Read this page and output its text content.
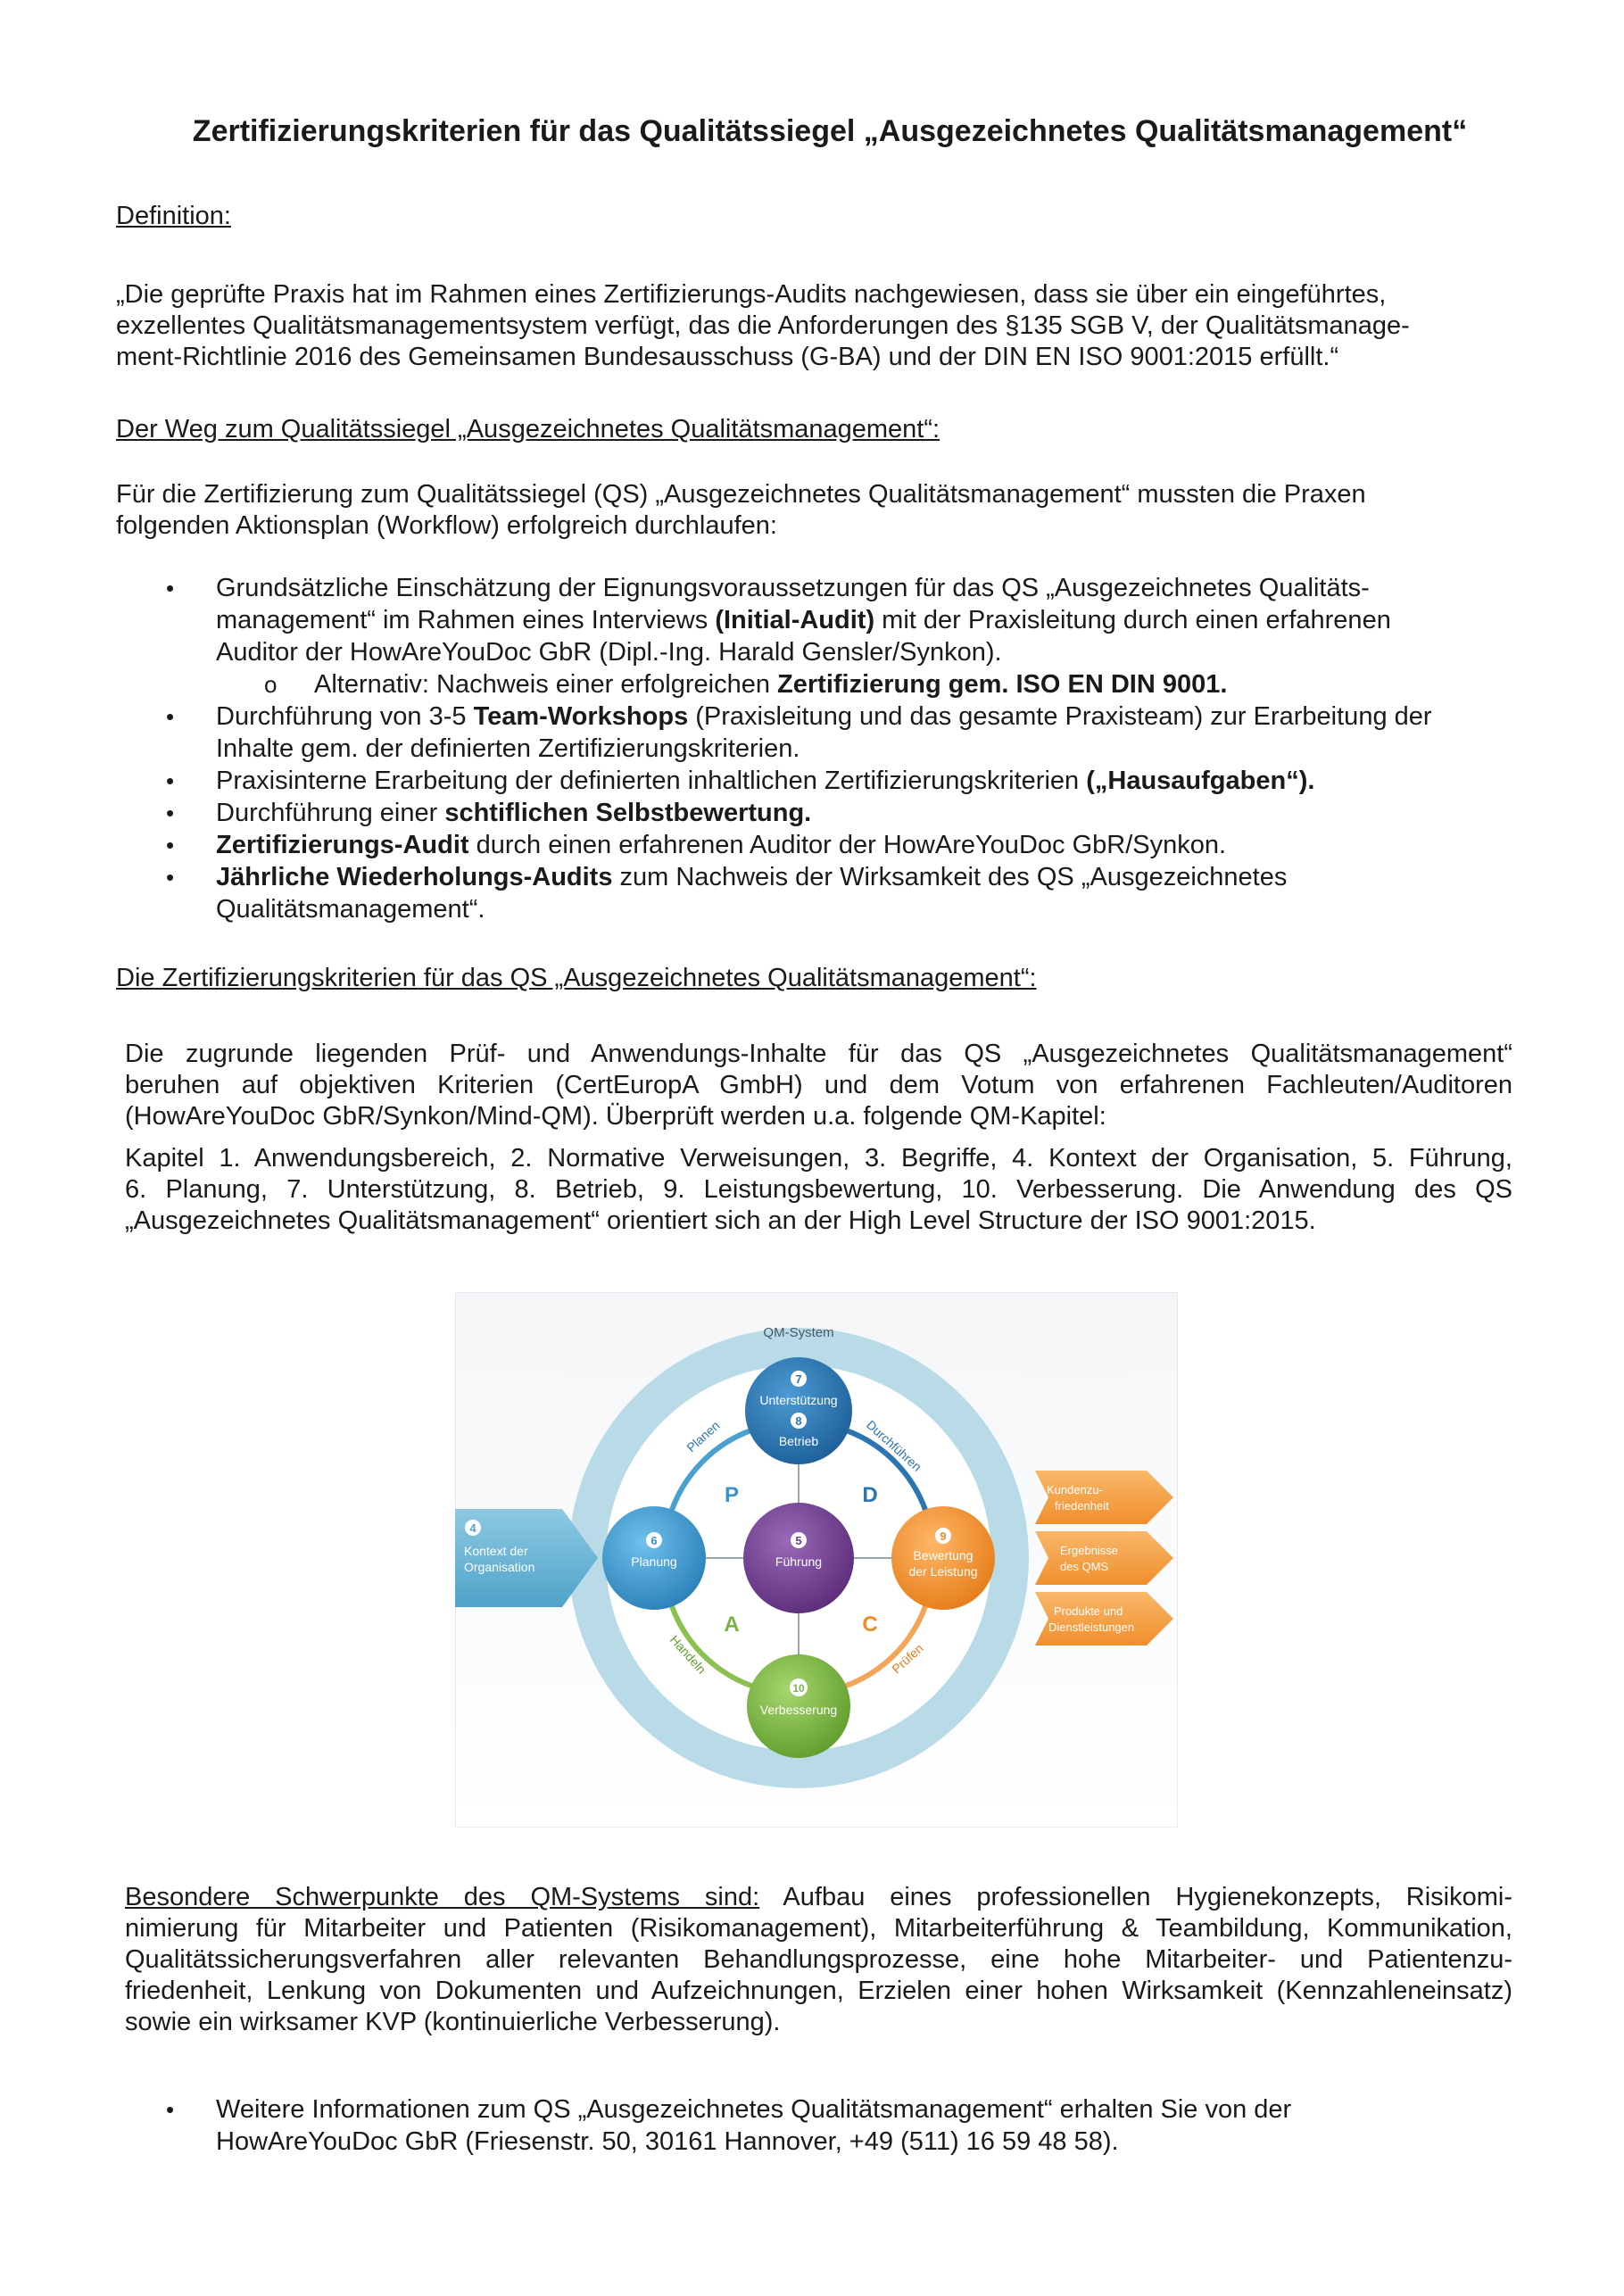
Zertifizierungskriterien für das Qualitätssiegel „Ausgezeichnetes Qualitätsmanagement“
Definition:
„Die geprüfte Praxis hat im Rahmen eines Zertifizierungs-Audits nachgewiesen, dass sie über ein eingeführtes,
exzellentes Qualitätsmanagementsystem verfügt, das die Anforderungen des §135 SGB V, der Qualitätsmanage-
ment-Richtlinie 2016 des Gemeinsamen Bundesausschuss (G-BA) und der DIN EN ISO 9001:2015 erfüllt.“
Der Weg zum Qualitätssiegel „Ausgezeichnetes Qualitätsmanagement“:
Für die Zertifizierung zum Qualitätssiegel (QS) „Ausgezeichnetes Qualitätsmanagement“ mussten die Praxen
folgenden Aktionsplan (Workflow) erfolgreich durchlaufen:
• Grundsätzliche Einschätzung der Eignungsvoraussetzungen für das QS „Ausgezeichnetes Qualitäts-
management“ im Rahmen eines Interviews (Initial-Audit) mit der Praxisleitung durch einen erfahrenen
Auditor der HowAreYouDoc GbR (Dipl.-Ing. Harald Gensler/Synkon).
o Alternativ: Nachweis einer erfolgreichen Zertifizierung gem. ISO EN DIN 9001.
• Durchführung von 3-5 Team-Workshops (Praxisleitung und das gesamte Praxisteam) zur Erarbeitung der
Inhalte gem. der definierten Zertifizierungskriterien.
• Praxisinterne Erarbeitung der definierten inhaltlichen Zertifizierungskriterien („Hausaufgaben“).
• Durchführung einer schtiflichen Selbstbewertung.
• Zertifizierungs-Audit durch einen erfahrenen Auditor der HowAreYouDoc GbR/Synkon.
• Jährliche Wiederholungs-Audits zum Nachweis der Wirksamkeit des QS „Ausgezeichnetes
Qualitätsmanagement“.
Die Zertifizierungskriterien für das QS „Ausgezeichnetes Qualitätsmanagement“:
Die zugrunde liegenden Prüf- und Anwendungs-Inhalte für das QS „Ausgezeichnetes Qualitätsmanagement“
beruhen auf objektiven Kriterien (CertEuropA GmbH) und dem Votum von erfahrenen Fachleuten/Auditoren
(HowAreYouDoc GbR/Synkon/Mind-QM). Überprüft werden u.a. folgende QM-Kapitel:
Kapitel 1. Anwendungsbereich, 2. Normative Verweisungen, 3. Begriffe, 4. Kontext der Organisation, 5. Führung,
6. Planung, 7. Unterstützung, 8. Betrieb, 9. Leistungsbewertung, 10. Verbesserung. Die Anwendung des QS
„Ausgezeichnetes Qualitätsmanagement“ orientiert sich an der High Level Structure der ISO 9001:2015.
QM-System
Planen	Durchführen
Prüfen
Handeln
P	D
A	C
4
Kontext der
Organisation
7
Unterstützung
8
Betrieb
6
Planung
5
Führung
9
Bewertung
der Leistung
10
Verbesserung
Kundenzu-
friedenheit
Ergebnisse
des QMS
Produkte und
Dienstleistungen
Besondere Schwerpunkte des QM-Systems sind: Aufbau eines professionellen Hygienekonzepts, Risikomi-
nimierung für Mitarbeiter und Patienten (Risikomanagement), Mitarbeiterführung & Teambildung, Kommunikation,
Qualitätssicherungsverfahren aller relevanten Behandlungsprozesse, eine hohe Mitarbeiter- und Patientenzu-
friedenheit, Lenkung von Dokumenten und Aufzeichnungen, Erzielen einer hohen Wirksamkeit (Kennzahleneinsatz)
sowie ein wirksamer KVP (kontinuierliche Verbesserung).
• Weitere Informationen zum QS „Ausgezeichnetes Qualitätsmanagement“ erhalten Sie von der
HowAreYouDoc GbR (Friesenstr. 50, 30161 Hannover, +49 (511) 16 59 48 58).
